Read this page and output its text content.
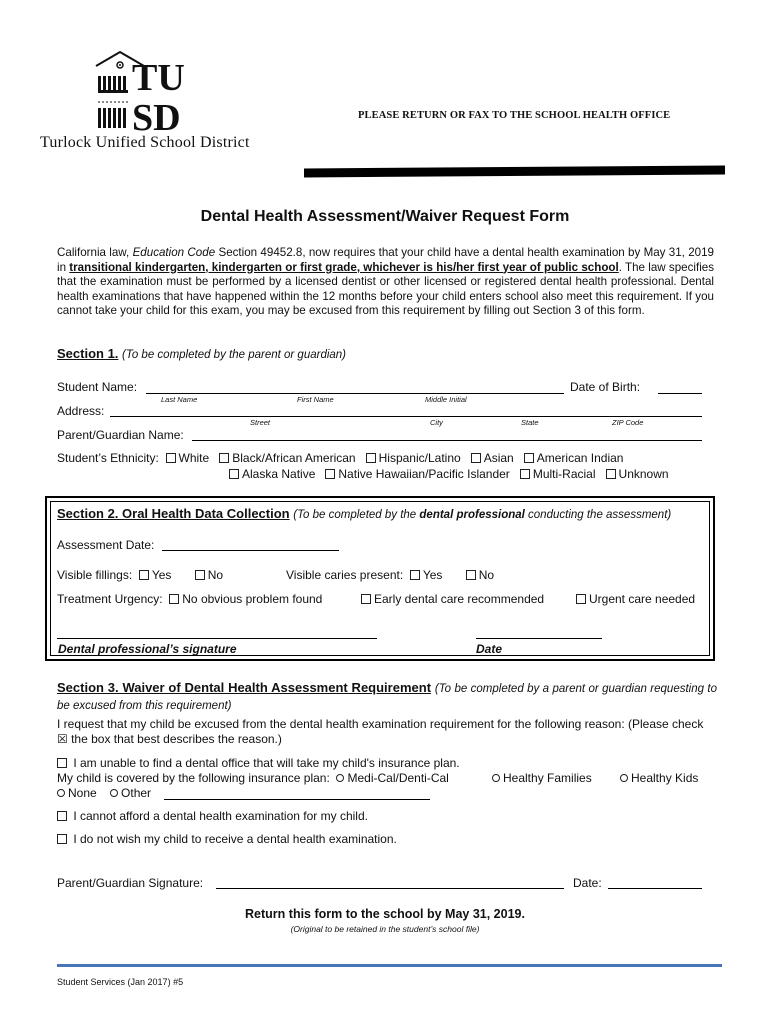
TU
SD
Turlock Unified School District
PLEASE RETURN OR FAX TO THE SCHOOL HEALTH OFFICE
Dental Health Assessment/Waiver Request Form
California law, Education Code Section 49452.8, now requires that your child have a dental health examination by May 31, 2019 in transitional kindergarten, kindergarten or first grade, whichever is his/her first year of public school. The law specifies that the examination must be performed by a licensed dentist or other licensed or registered dental health professional. Dental health examinations that have happened within the 12 months before your child enters school also meet this requirement. If you cannot take your child for this exam, you may be excused from this requirement by filling out Section 3 of this form.
Section 1. (To be completed by the parent or guardian)
Student Name:	Date of Birth:
Last Name	First Name	Middle Initial
Address:
Street	City	State	ZIP Code
Parent/Guardian Name:
Student’s Ethnicity: White Black/African American Hispanic/Latino Asian American Indian
Alaska Native Native Hawaiian/Pacific Islander Multi-Racial Unknown
Section 2. Oral Health Data Collection (To be completed by the dental professional conducting the assessment)
Assessment Date:
Visible fillings: Yes	No	Visible caries present: Yes	No
Treatment Urgency: No obvious problem found	Early dental care recommended	Urgent care needed
Dental professional’s signature	Date
Section 3. Waiver of Dental Health Assessment Requirement (To be completed by a parent or guardian requesting to be excused from this requirement)
I request that my child be excused from the dental health examination requirement for the following reason: (Please check ☒ the box that best describes the reason.)
I am unable to find a dental office that will take my child's insurance plan.
My child is covered by the following insurance plan: Medi-Cal/Denti-Cal	Healthy Families	Healthy Kids
None Other
I cannot afford a dental health examination for my child.
I do not wish my child to receive a dental health examination.
Parent/Guardian Signature:	Date:
Return this form to the school by May 31, 2019.
(Original to be retained in the student’s school file)
Student Services (Jan 2017) #5
